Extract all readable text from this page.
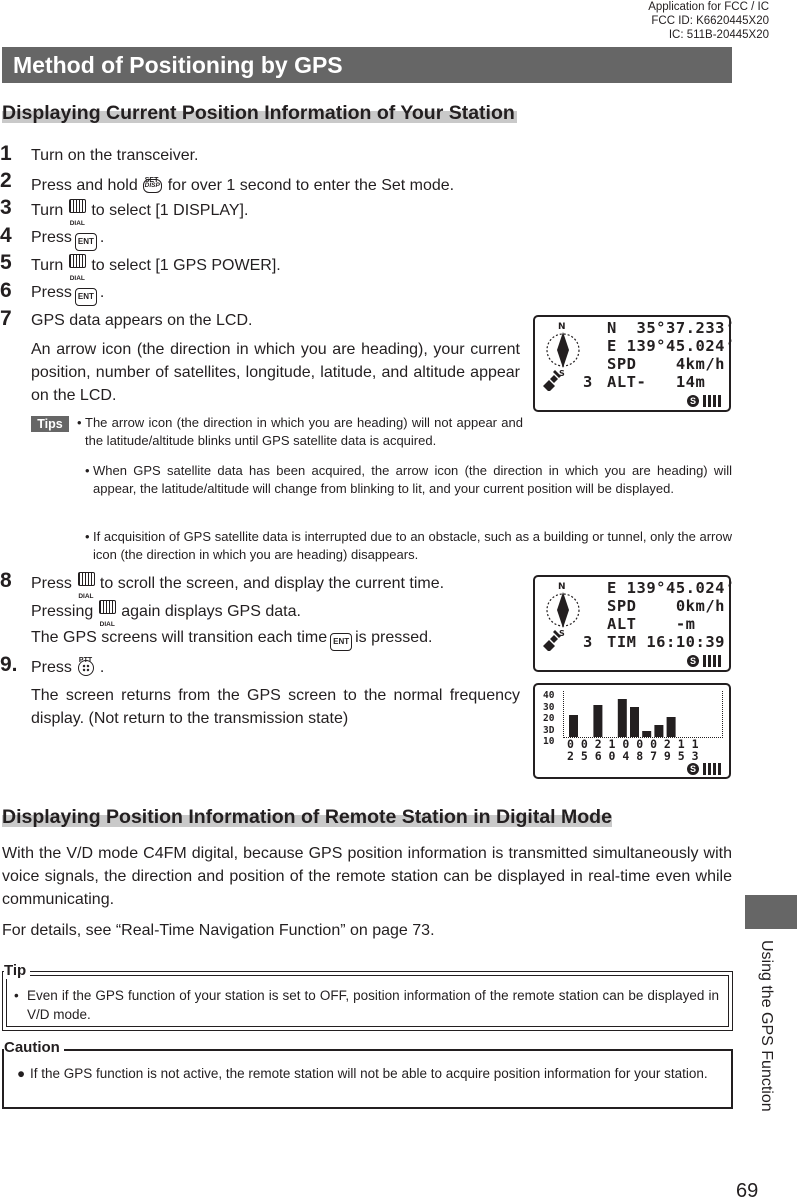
Application for FCC / IC
FCC ID: K6620445X20
IC: 511B-20445X20
Method of Positioning by GPS
Displaying Current Position Information of Your Station
1 Turn on the transceiver.
2 Press and hold SET
DISP for over 1 second to enter the Set mode.
3 Turn
DIAL
to select [1 DISPLAY].
4 Press ENT .
5 Turn
DIAL
to select [1 GPS POWER].
6 Press ENT .
7 GPS data appears on the LCD.
An arrow icon (the direction in which you are heading), your current position, number of satellites, longitude, latitude, and altitude appear on the LCD.
N
S
N  35°37.233’
E 139°45.024’
SPD    4km/h
3 ALT-   14m
S
Tips	• The arrow icon (the direction in which you are heading) will not appear and the latitude/altitude blinks until GPS satellite data is acquired.
• When GPS satellite data has been acquired, the arrow icon (the direction in which you are heading) will appear, the latitude/altitude will change from blinking to lit, and your current position will be displayed.
• If acquisition of GPS satellite data is interrupted due to an obstacle, such as a building or tunnel, only the arrow icon (the direction in which you are heading) disappears.
8 Press
DIAL
to scroll the screen, and display the current time.
Pressing
DIAL
again displays GPS data.
The GPS screens will transition each time ENT is pressed.
9. Press PTT .
The screen returns from the GPS screen to the normal frequency display. (Not return to the transmission state)
N
S
E 139°45.024’
SPD    0km/h
ALT    -m
3 TIM 16:10:39
S
40
30
20
3D
10 0 0 2 1 0 0 0 2 1 1
2 5 6 0 4 8 7 9 5 3
S
Displaying Position Information of Remote Station in Digital Mode
With the V/D mode C4FM digital, because GPS position information is transmitted simultaneously with voice signals, the direction and position of the remote station can be displayed in real-time even while communicating.
For details, see “Real-Time Navigation Function” on page 73.
Tip
• Even if the GPS function of your station is set to OFF, position information of the remote station can be displayed in V/D mode.
Caution
● If the GPS function is not active, the remote station will not be able to acquire position information for your station.	Using the GPS Function
69
